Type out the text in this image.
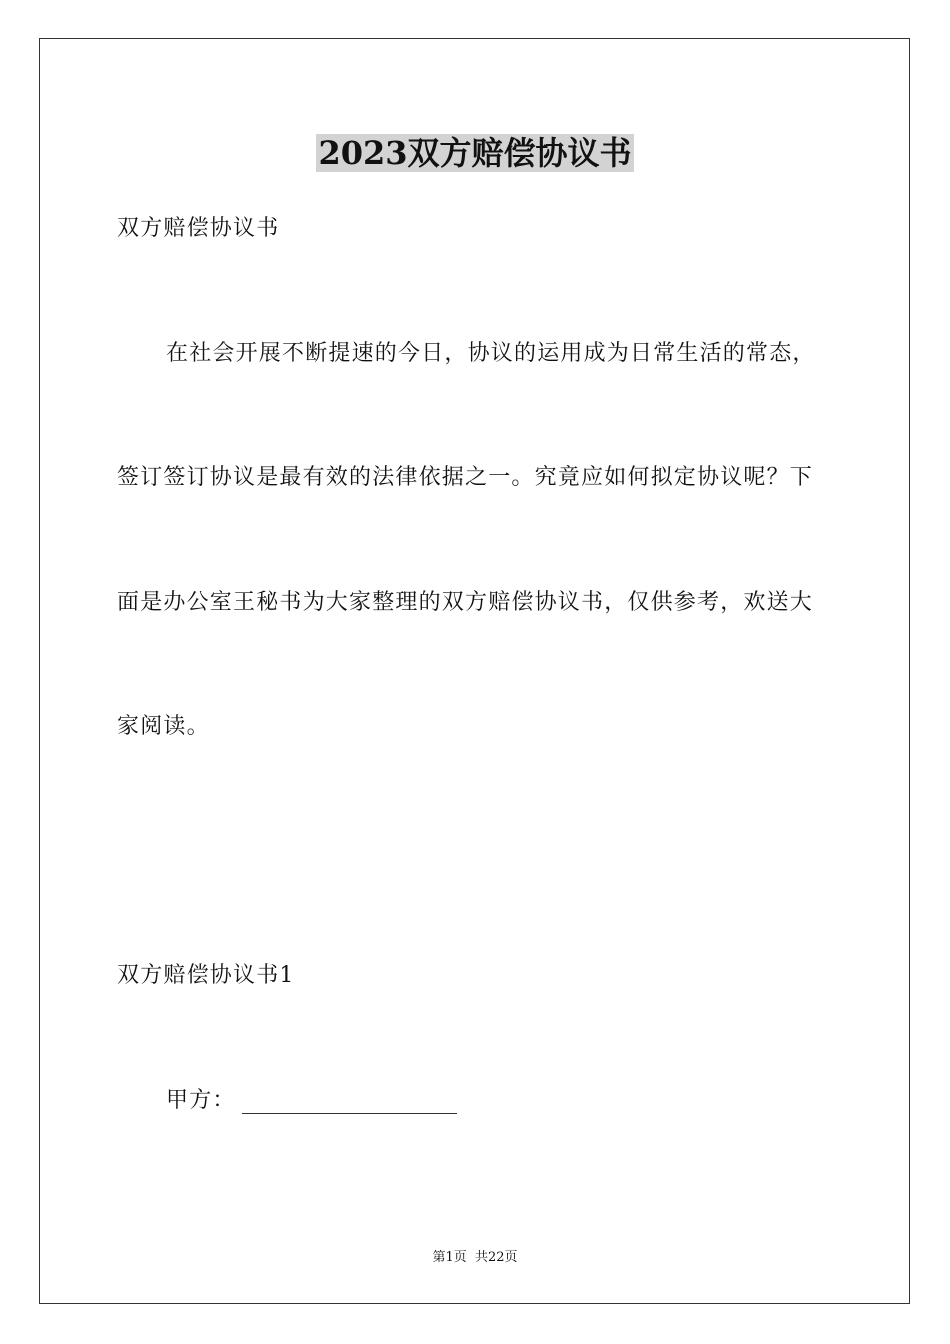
2023双方赔偿协议书
双方赔偿协议书
在社会开展不断提速的今日，协议的运用成为日常生活的常态，
签订签订协议是最有效的法律依据之一。究竟应如何拟定协议呢？下
面是办公室王秘书为大家整理的双方赔偿协议书，仅供参考，欢送大
家阅读。
双方赔偿协议书1
甲方：
第1页 共22页
